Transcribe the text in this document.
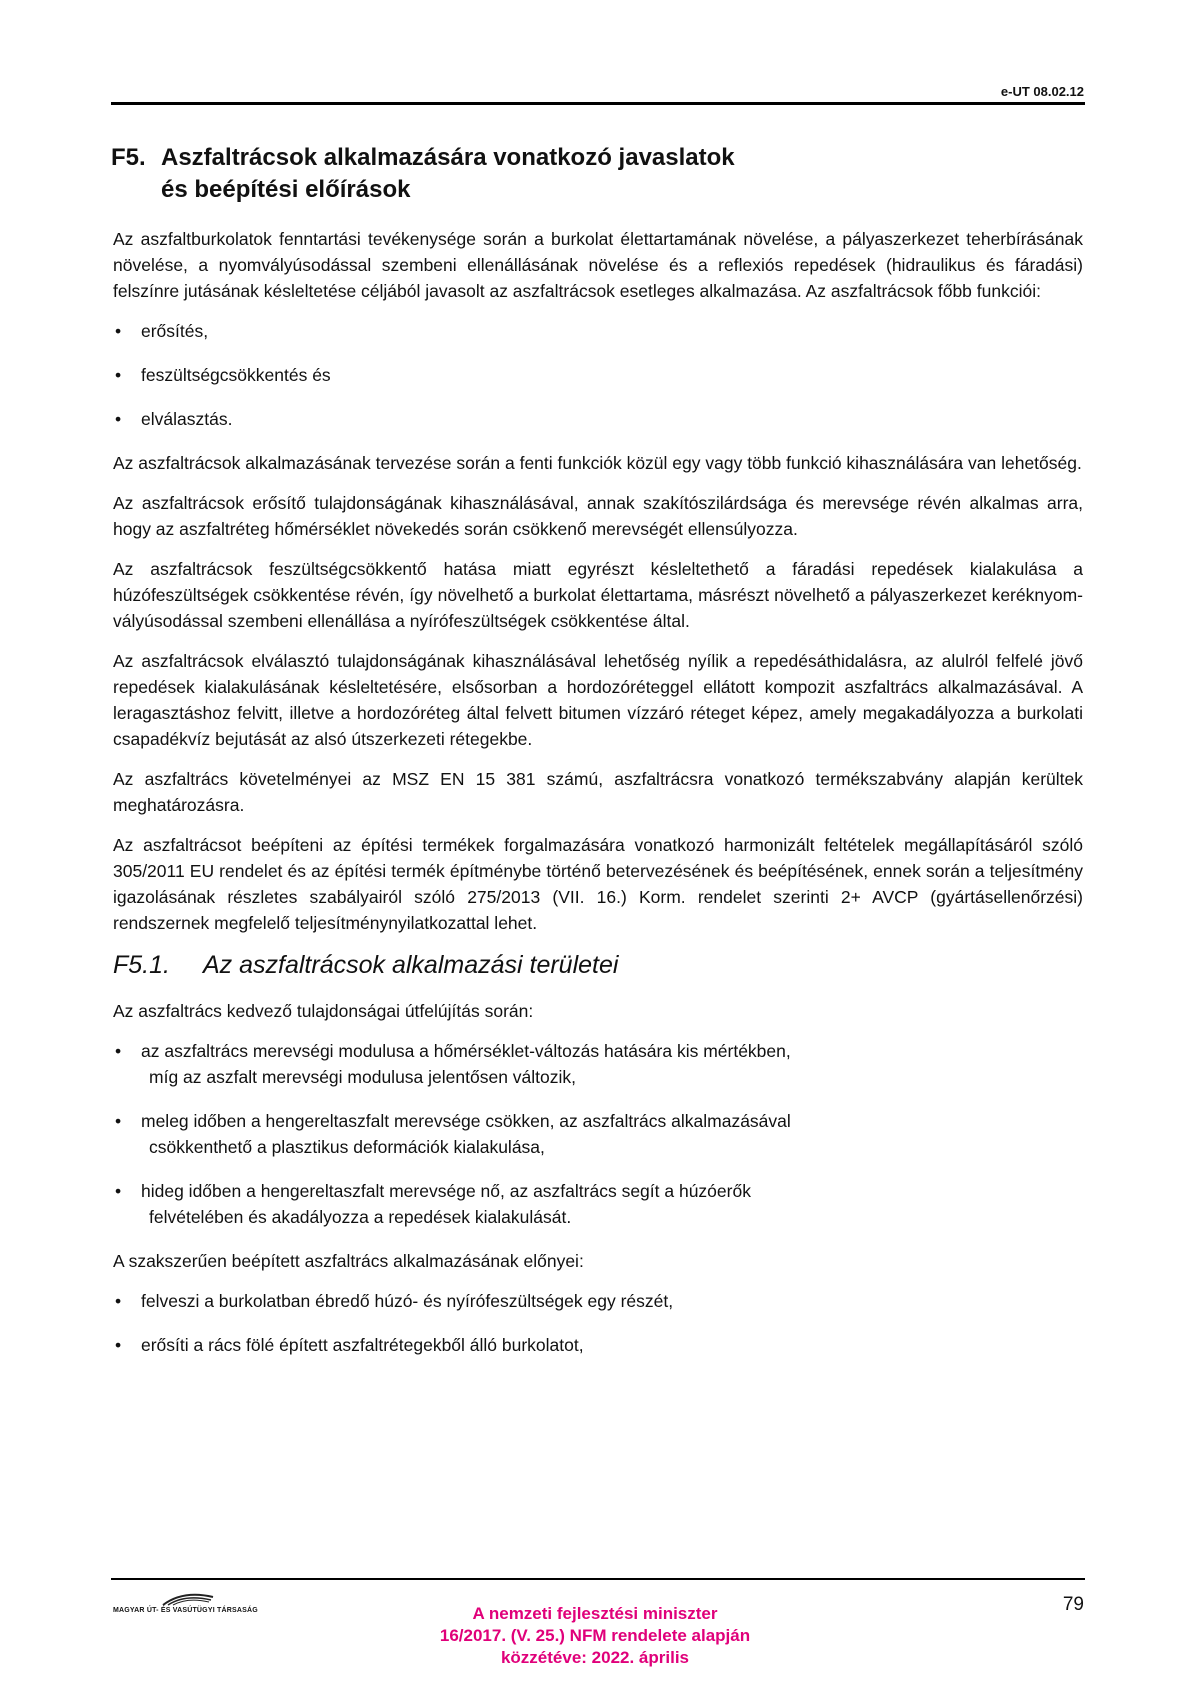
e-UT 08.02.12
F5. Aszfaltrácsok alkalmazására vonatkozó javaslatok
és beépítési előírások

Az aszfaltburkolatok fenntartási tevékenysége során a burkolat élettartamának növelése, a pályaszerkezet teherbírásának növelése, a nyomvályúsodással szembeni ellenállásának növelése és a reflexiós repedések (hidraulikus és fáradási) felszínre jutásának késleltetése céljából javasolt az aszfaltrácsok esetleges alkalmazása. Az aszfaltrácsok főbb funkciói:

• erősítés,
• feszültségcsökkentés és
• elválasztás.

Az aszfaltrácsok alkalmazásának tervezése során a fenti funkciók közül egy vagy több funkció kihasználására van lehetőség.

Az aszfaltrácsok erősítő tulajdonságának kihasználásával, annak szakítószilárdsága és merevsége révén alkalmas arra, hogy az aszfaltréteg hőmérséklet növekedés során csökkenő merevségét ellensúlyozza.

Az aszfaltrácsok feszültségcsökkentő hatása miatt egyrészt késleltethető a fáradási repedések kialakulása a húzófeszültségek csökkentése révén, így növelhető a burkolat élettartama, másrészt növelhető a pályaszerkezet keréknyom-vályúsodással szembeni ellenállása a nyírófeszültségek csökkentése által.

Az aszfaltrácsok elválasztó tulajdonságának kihasználásával lehetőség nyílik a repedésáthidalásra, az alulról felfelé jövő repedések kialakulásának késleltetésére, elsősorban a hordozóréteggel ellátott kompozit aszfaltrács alkalmazásával. A leragasztáshoz felvitt, illetve a hordozóréteg által felvett bitumen vízzáró réteget képez, amely megakadályozza a burkolati csapadékvíz bejutását az alsó útszerkezeti rétegekbe.

Az aszfaltrács követelményei az MSZ EN 15 381 számú, aszfaltrácsra vonatkozó termékszabvány alapján kerültek meghatározásra.

Az aszfaltrácsot beépíteni az építési termékek forgalmazására vonatkozó harmonizált feltételek megállapításáról szóló 305/2011 EU rendelet és az építési termék építménybe történő betervezésének és beépítésének, ennek során a teljesítmény igazolásának részletes szabályairól szóló 275/2013 (VII. 16.) Korm. rendelet szerinti 2+ AVCP (gyártásellenőrzési) rendszernek megfelelő teljesítménynyilatkozattal lehet.

F5.1. Az aszfaltrácsok alkalmazási területei

Az aszfaltrács kedvező tulajdonságai útfelújítás során:

• az aszfaltrács merevségi modulusa a hőmérséklet-változás hatására kis mértékben,
míg az aszfalt merevségi modulusa jelentősen változik,
• meleg időben a hengereltaszfalt merevsége csökken, az aszfaltrács alkalmazásával
csökkenthető a plasztikus deformációk kialakulása,
• hideg időben a hengereltaszfalt merevsége nő, az aszfaltrács segít a húzóerők
felvételében és akadályozza a repedések kialakulását.

A szakszerűen beépített aszfaltrács alkalmazásának előnyei:

• felveszi a burkolatban ébredő húzó- és nyírófeszültségek egy részét,
• erősíti a rács fölé épített aszfaltrétegekből álló burkolatot,
MAGYAR ÚT- ÉS VASÚTÜGYI TÁRSASÁG	79
A nemzeti fejlesztési miniszter
16/2017. (V. 25.) NFM rendelete alapján
közzétéve: 2022. április
